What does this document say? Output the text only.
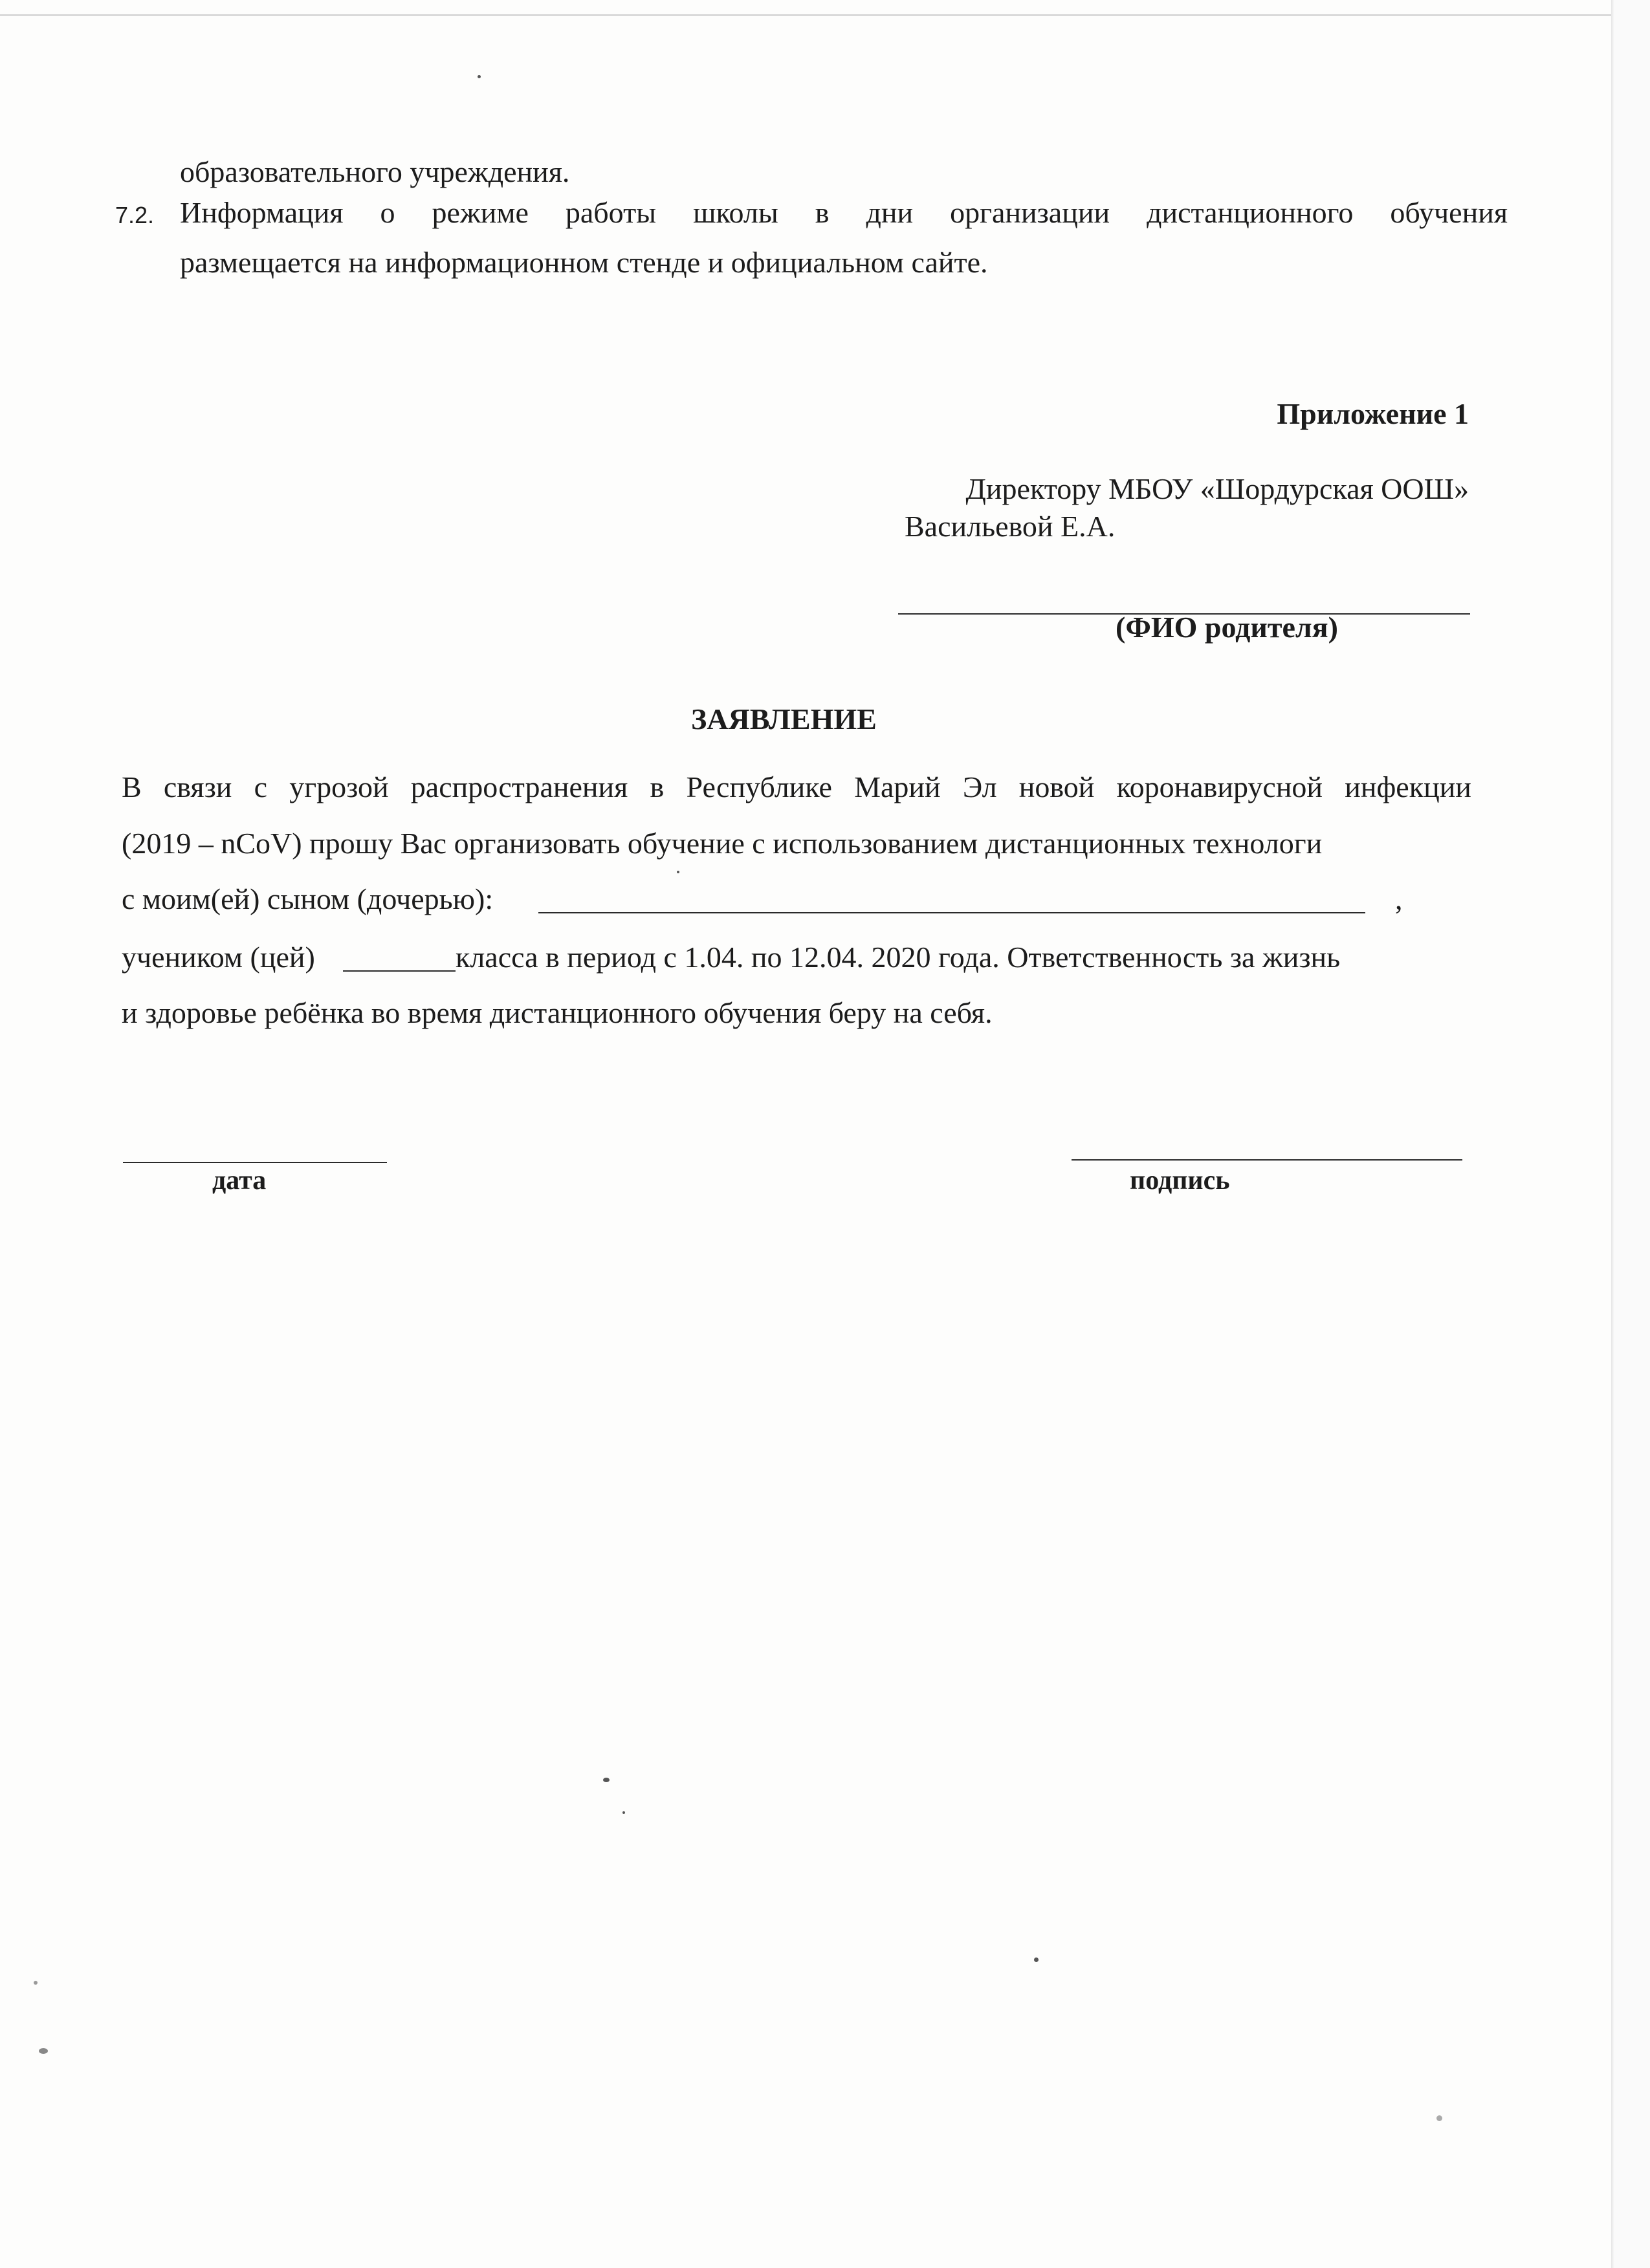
образовательного учреждения.
7.2. Информация о режиме работы школы в дни организации дистанционного обучения
размещается на информационном стенде и официальном сайте.
Приложение 1
Директору МБОУ «Шордурская ООШ»
Васильевой Е.А.
(ФИО родителя)
ЗАЯВЛЕНИЕ
В связи с угрозой распространения в Республике Марий Эл новой коронавирусной инфекции
(2019 – nCoV) прошу Вас организовать обучение с использованием дистанционных технологи
с моим(ей) сыном (дочерью):	,
учеником (цей)	класса в период с 1.04. по 12.04. 2020 года. Ответственность за жизнь
и здоровье ребёнка во время дистанционного обучения беру на себя.
дата	подпись
